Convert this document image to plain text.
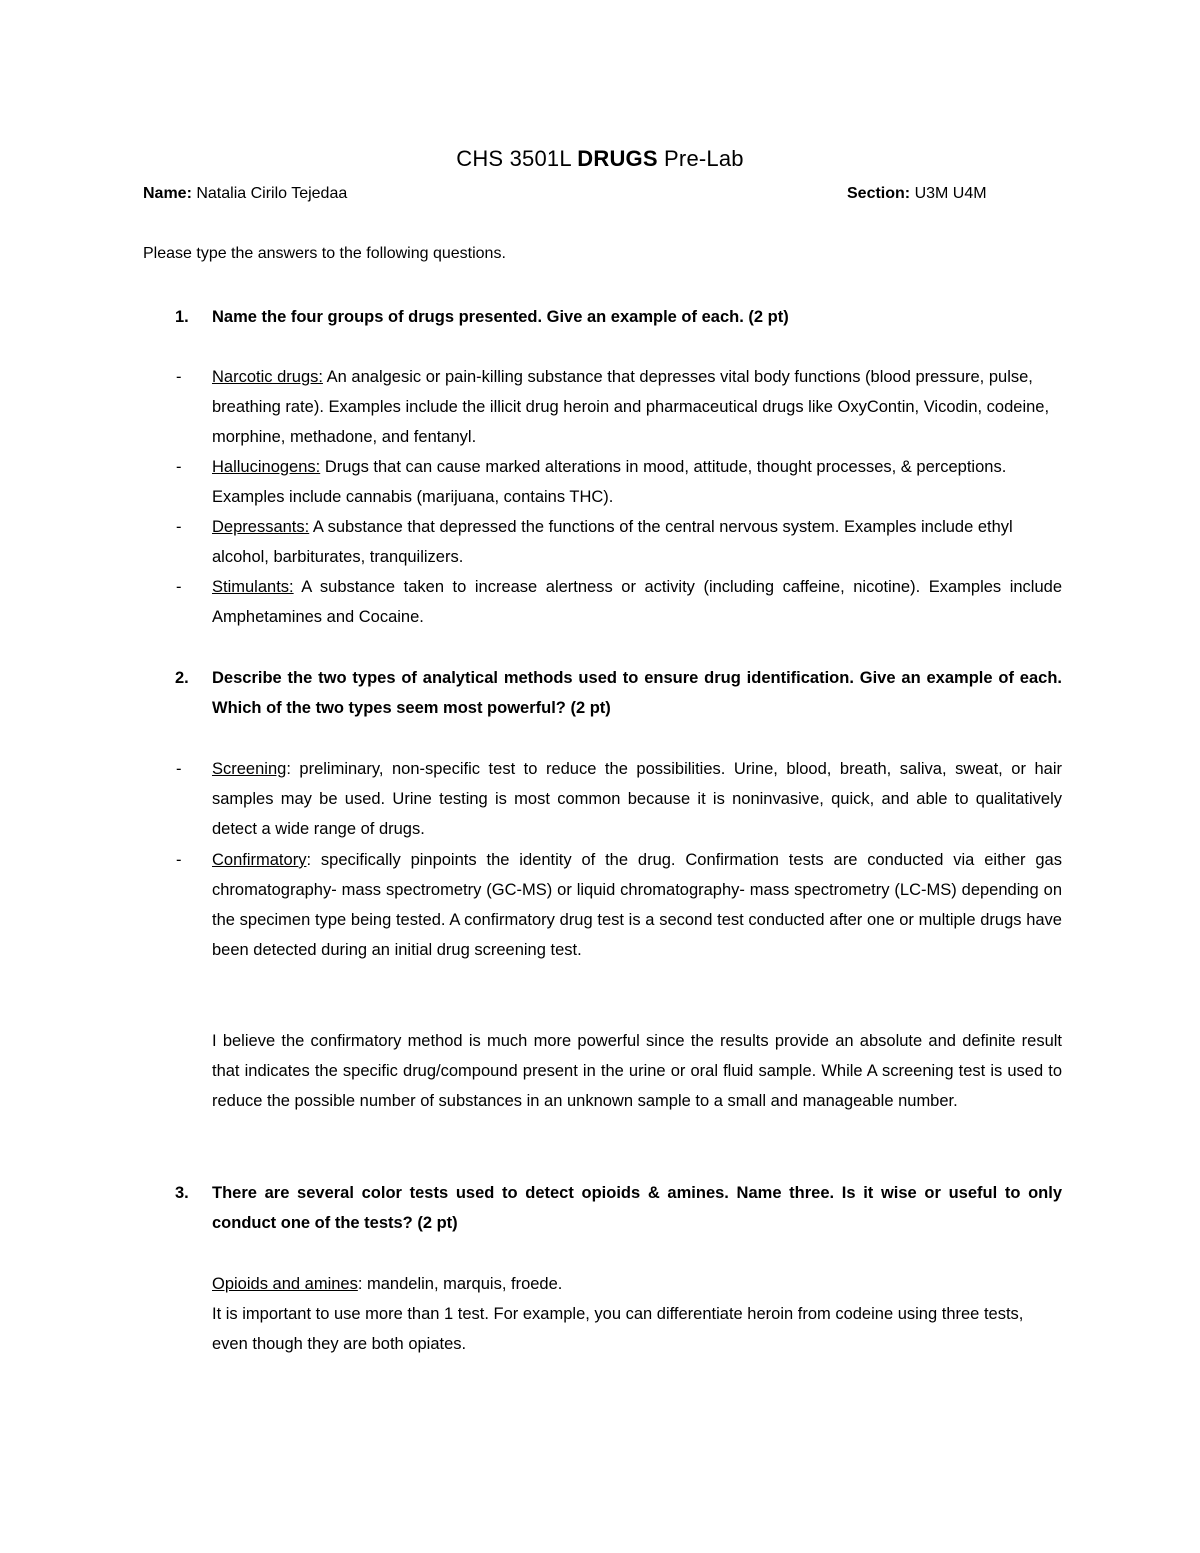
CHS 3501L DRUGS Pre-Lab
Name: Natalia Cirilo Tejedaa	Section: U3M U4M
Please type the answers to the following questions.
1. Name the four groups of drugs presented. Give an example of each. (2 pt)
- Narcotic drugs: An analgesic or pain-killing substance that depresses vital body functions (blood pressure, pulse, breathing rate). Examples include the illicit drug heroin and pharmaceutical drugs like OxyContin, Vicodin, codeine, morphine, methadone, and fentanyl.
- Hallucinogens: Drugs that can cause marked alterations in mood, attitude, thought processes, & perceptions. Examples include cannabis (marijuana, contains THC).
- Depressants: A substance that depressed the functions of the central nervous system. Examples include ethyl alcohol, barbiturates, tranquilizers.
- Stimulants: A substance taken to increase alertness or activity (including caffeine, nicotine). Examples include Amphetamines and Cocaine.
2. Describe the two types of analytical methods used to ensure drug identification. Give an example of each. Which of the two types seem most powerful? (2 pt)
- Screening: preliminary, non-specific test to reduce the possibilities. Urine, blood, breath, saliva, sweat, or hair samples may be used. Urine testing is most common because it is noninvasive, quick, and able to qualitatively detect a wide range of drugs.
- Confirmatory: specifically pinpoints the identity of the drug. Confirmation tests are conducted via either gas chromatography- mass spectrometry (GC-MS) or liquid chromatography- mass spectrometry (LC-MS) depending on the specimen type being tested. A confirmatory drug test is a second test conducted after one or multiple drugs have been detected during an initial drug screening test.
I believe the confirmatory method is much more powerful since the results provide an absolute and definite result that indicates the specific drug/compound present in the urine or oral fluid sample. While A screening test is used to reduce the possible number of substances in an unknown sample to a small and manageable number.
3. There are several color tests used to detect opioids & amines. Name three. Is it wise or useful to only conduct one of the tests? (2 pt)
Opioids and amines: mandelin, marquis, froede.
It is important to use more than 1 test. For example, you can differentiate heroin from codeine using three tests, even though they are both opiates.
